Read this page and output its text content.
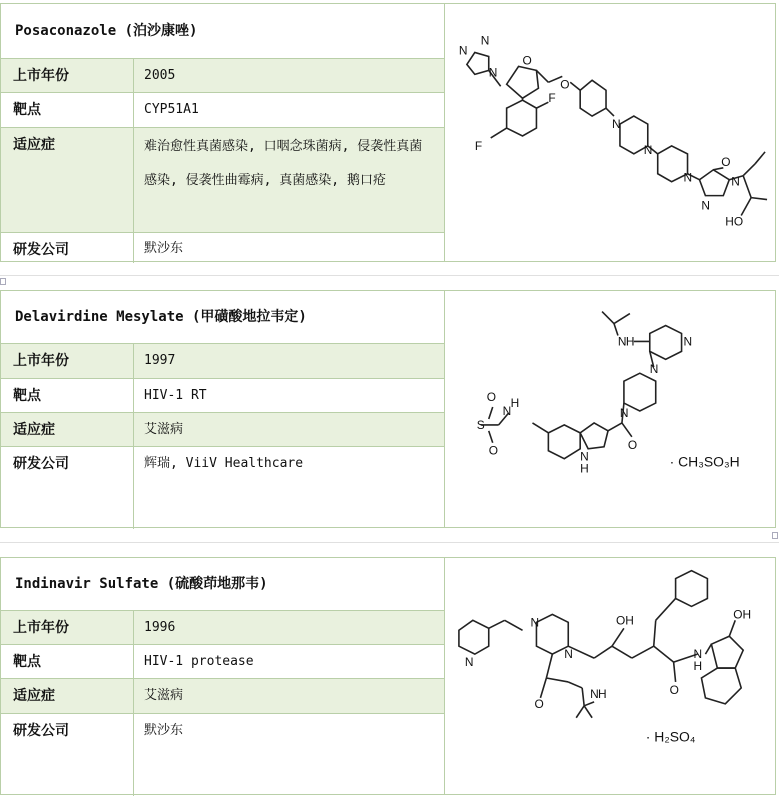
Posaconazole (泊沙康唑)
上市年份	2005
靶点	CYP51A1
适应症	难治愈性真菌感染, 口咽念珠菌病, 侵袭性真菌感染, 侵袭性曲霉病, 真菌感染, 鹅口疮
研发公司	默沙东
N
N
N
O
F
F
O
N
N
N
N
O
N
HO
Delavirdine Mesylate (甲磺酸地拉韦定)
上市年份	1997
靶点	HIV-1 RT
适应症	艾滋病
研发公司	辉瑞, ViiV Healthcare
N H	N
N
N
S
O
O
N
H
N
H
O
· CH₃SO₃H
Indinavir Sulfate (硫酸茚地那韦)
上市年份	1996
靶点	HIV-1 protease
适应症	艾滋病
研发公司	默沙东
N
N
N
OH
N
H
OH
O
N H
O
· H₂SO₄
